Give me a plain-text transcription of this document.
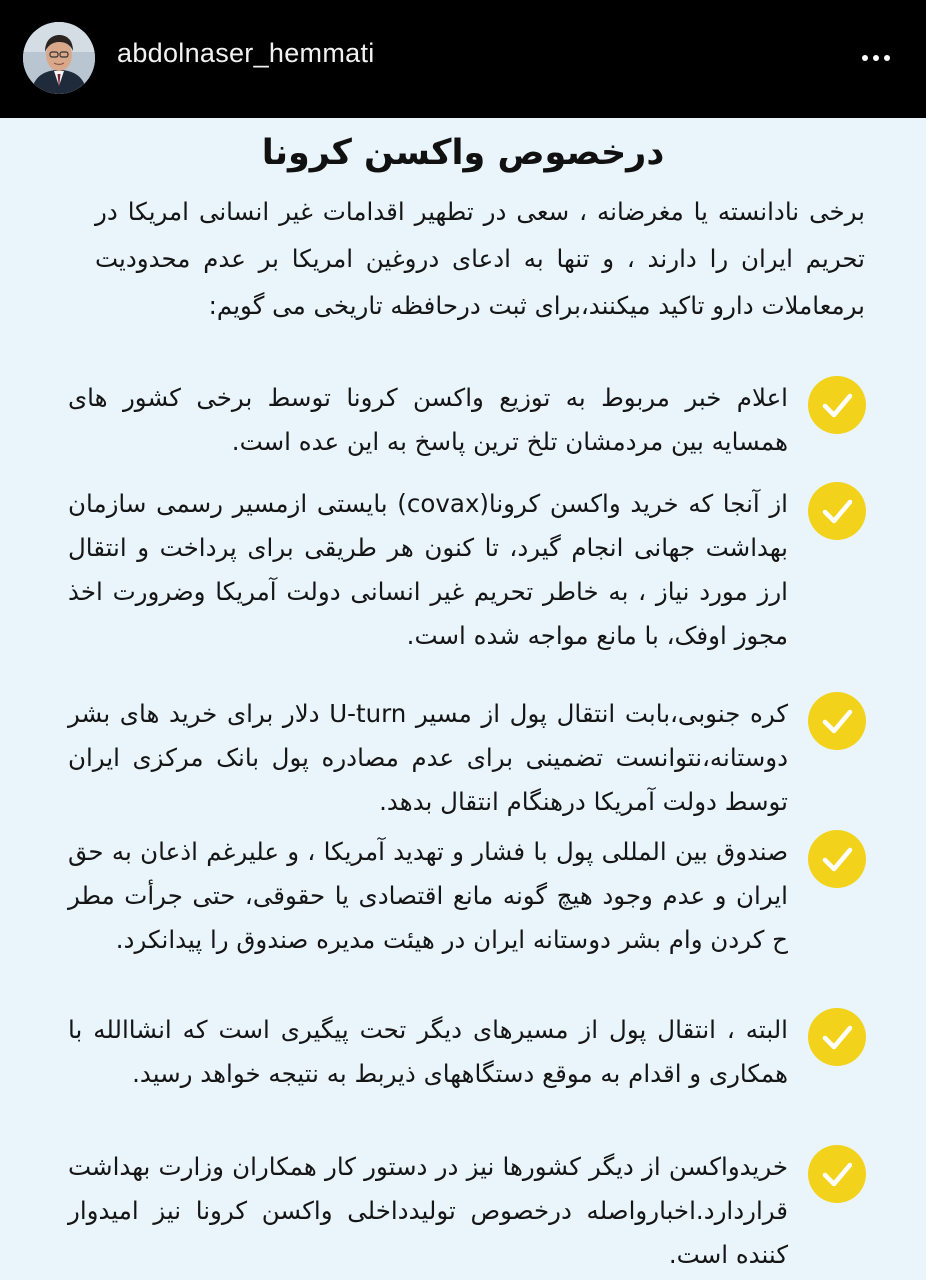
abdolnaser_hemmati
درخصوص واکسن کرونا
برخی نادانسته یا مغرضانه ، سعی در تطهیر اقدامات غیر انسانی امریکا در تحریم ایران را دارند ، و تنها به ادعای دروغین امریکا بر عدم محدودیت برمعاملات دارو تاکید میکنند،برای ثبت درحافظه تاریخی می گویم:
اعلام خبر مربوط به توزیع واکسن کرونا توسط برخی کشور های همسایه بین مردمشان تلخ ترین پاسخ به این عده است.
از آنجا که خرید واکسن کرونا(covax) بایستی ازمسیر رسمی سازمان بهداشت جهانی انجام گیرد، تا کنون هر طریقی برای پرداخت و انتقال ارز مورد نیاز ، به خاطر تحریم غیر انسانی دولت آمریکا وضرورت اخذ مجوز اوفک، با مانع مواجه شده است.
کره جنوبی،بابت انتقال پول از مسیر U-turn دلار برای خرید های بشر دوستانه،نتوانست تضمینی برای عدم مصادره پول بانک مرکزی ایران توسط دولت آمریکا درهنگام انتقال بدهد.
صندوق بین المللی پول با فشار و تهدید آمریکا ، و علیرغم اذعان به حق ایران و عدم وجود هیچ گونه مانع اقتصادی یا حقوقی، حتی جرأت مطر ح کردن وام بشر دوستانه ایران در هیئت مدیره صندوق را پیدانکرد.
البته ، انتقال پول از مسیرهای دیگر تحت پیگیری است که انشاالله با همکاری و اقدام به موقع دستگاههای ذیربط به نتیجه خواهد رسید.
خریدواکسن از دیگر کشورها نیز در دستور کار همکاران وزارت بهداشت قراردارد.اخبارواصله درخصوص تولیدداخلی واکسن کرونا نیز امیدوار کننده است.
